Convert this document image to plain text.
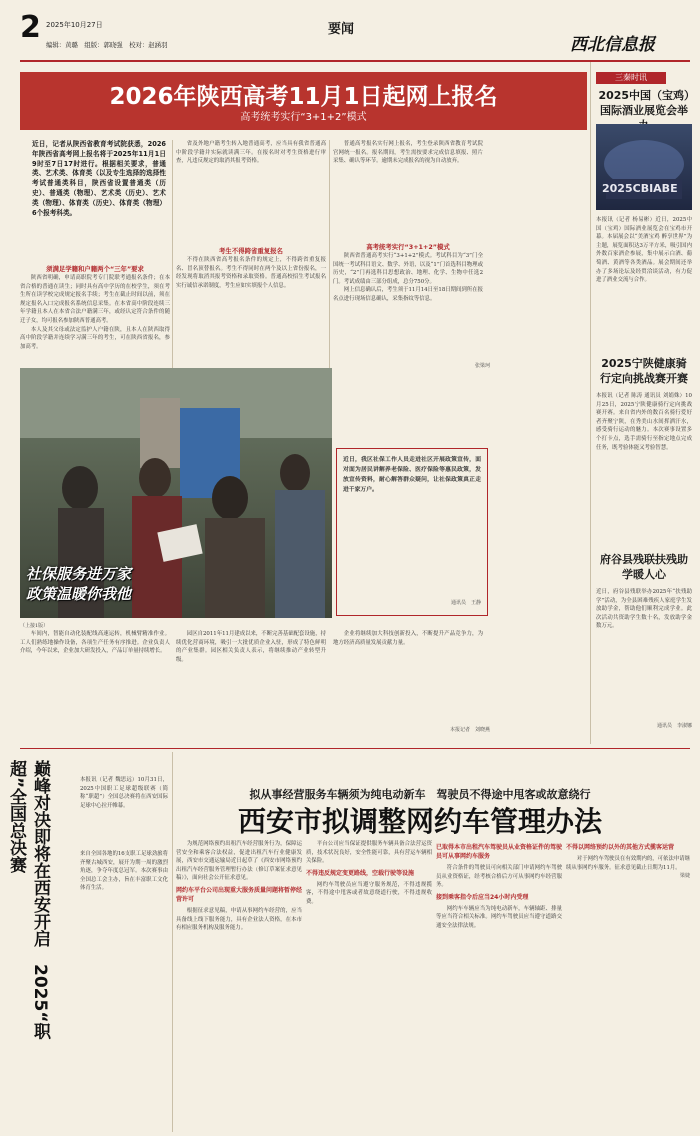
2 2025年10月27日
编辑：黄璐　组版：郭晓强　校对：赵涵羽
要闻
西北信息报
2026年陕西高考11月1日起网上报名
高考统考实行“3+1+2”模式
近日，记者从陕西省教育考试院获悉，2026年陕西省高考网上报名将于2025年11月1日9时至7日17时进行。根据相关要求，普通类、艺术类、体育类（以及专生选择的选择性考试普通类科目，陕西省设置普通类（历史）、普通类（物理）、艺术类（历史）、艺术类（物理）、体育类（历史）、体育类（物理）6个报考科类。
须满足学籍和户籍两个“三年”要求

陕西省明确，申请高职院考专门院联考通报名条件；在本省合格的普通在读生；同时具有高中学历的在校学生，须在考生所在读学校完成规定报名手续；考生在截止时间以前，须在规定报名入口完成报名系统信息采集。在本省高中阶段连续三年学籍且本人在本省合法户籍满三年，或经认定符合条件的随迁子女，均可报名参加陕西普通高考。

本人及其父母或法定监护人户籍在陕，且本人在陕西取得高中阶段学籍并连续学习满三年的考生，可在陕西省报名，参加高考。

省及外地户籍考生转入地普通高考，应当具有我省普通高中阶段学籍并实际就读满三年。在报名时对考生资格进行审查，凡违反规定的取消其报考资格。

考生不得跨省重复报名

不得在陕西省高考报名条件的规定上，不得跨省重复报名、冒名顶替报名。考生不得同时在两个及以上省份报名，一经发现将取消其报考资格和录取资格。普通高校招生考试报名实行诚信承诺制度，考生应如实填报个人信息。

普通高考报名实行网上报名，考生登录陕西省教育考试院官网统一报名。报名期间，考生需按要求完成信息填报、照片采集、确认等环节。逾期未完成报名的视为自动放弃。

高考统考实行“3+1+2”模式

陕西省普通高考实行“3+1+2”模式。考试科目为“3”门全国统一考试科目语文、数学、外语，以及“1”门首选科目物理或历史，“2”门再选科目思想政治、地理、化学、生物中任选2门。考试成绩由三部分组成，总分750分。

网上信息确认后，考生须于11月14日至18日期间到所在报名点进行现场信息确认，采集指纹等信息。

张梁珂
社保服务进万家
政策温暖你我他
近日，我区社保工作人员走进社区开展政策宣传，面对面为居民讲解养老保险、医疗保险等惠民政策，发放宣传资料，耐心解答群众疑问，让社保政策真正走进千家万户。
通讯员　王静
（上接1版）

车间内，智能自动化装配线高速运转，机械臂精准作业。工人们熟练地操作设备，各项生产任务有序推进。企业负责人介绍，今年以来，企业加大研发投入，产品订单量持续增长。

园区自2011年11月建成以来，不断完善基础配套设施，持续优化营商环境，吸引一大批优质企业入驻，形成了特色鲜明的产业集群。园区相关负责人表示，将继续推动产业转型升级。

企业将继续加大科技创新投入，不断提升产品竞争力，为地方经济高质量发展贡献力量。

本报记者　刘晓燕
三秦时讯
2025中国（宝鸡）国际酒业展览会举
2025CBIABE
本报讯（记者 杨易彬）近日，2025中国（宝鸡）国际酒业展览会在宝鸡市开幕。本届展会以“美酒宝鸡 醉享世界”为主题，展览面积达3万平方米，吸引国内外数百家酒企参展，集中展示白酒、葡萄酒、黄酒等各类酒品。展会期间还举办了多场论坛及经贸洽谈活动，有力促进了酒业交流与合作。
2025宁陕健康骑行定向挑战赛开赛
本报讯（记者 陈涛 通讯员 刘娟姝）10月25日，2025宁陕健康骑行定向挑战赛开赛。来自省内外的数百名骑行爱好者齐聚宁陕，在秀美山水间挥洒汗水，感受骑行运动的魅力。本次赛事设置多个打卡点，选手需骑行至指定地点完成任务，既考验体能又考验智慧。
府谷县残联扶残助学暖人心
近日，府谷县残联举办2025年“扶残助学”活动，为全县困难残疾人家庭学生发放助学金，帮助他们顺利完成学业。此次活动共资助学生数十名，发放助学金数万元。
通讯员　李淑娜
拟从事经营服务车辆须为纯电动新车　驾驶员不得途中甩客或故意绕行
西安市拟调整网约车管理办法

为规范网络预约出租汽车经营服务行为，保障运营安全和乘客合法权益，促进出租汽车行业健康发展，西安市交通运输局近日起草了《西安市网络预约出租汽车经营服务管理暂行办法（修订草案征求意见稿）》，面向社会公开征求意见。

网约车平台公司出现重大服务质量问题将暂停经营许可

根据征求意见稿，申请从事网约车经营的，应当具备线上线下服务能力，具有企业法人资格，在本市有相应服务机构及服务能力。

平台公司应当保证提供服务车辆具备合法营运资质，技术状况良好，安全性能可靠，具有营运车辆相关保险。

不得违反规定变更路线，空载行驶等设施

网约车驾驶员应当遵守服务规范，不得违规揽客，不得途中甩客或者故意绕道行驶，不得违规收费。

已取得本市出租汽车驾驶员从业资格证件的驾驶员可从事网约车服务

符合条件的驾驶员可向相关部门申请网约车驾驶员从业资格证，经考核合格后方可从事网约车经营服务。

接到乘客指令后应当24小时内受理

网约车车辆应当为纯电动新车，车辆轴距、排量等应当符合相关标准。网约车驾驶员应当遵守道路交通安全法律法规。

不得以网络预约以外的其他方式揽客运营

对于网约车驾驶员在有效期内的，可依法申请继续从事网约车服务。征求意见截止日期为11月。

梁婕
巅峰对决即将在西安开启　2025“职超”全国总决赛	本报讯（记者 魏思远）10月31日，2025中国职工足球超级联赛（简称“职超”）全国总决赛将在西安国际足球中心拉开帷幕。
来自全国各地的16支职工足球劲旅将齐聚古城西安，展开为期一周的激烈角逐，争夺年度总冠军。本次赛事由全国总工会主办，旨在丰富职工文化体育生活。
